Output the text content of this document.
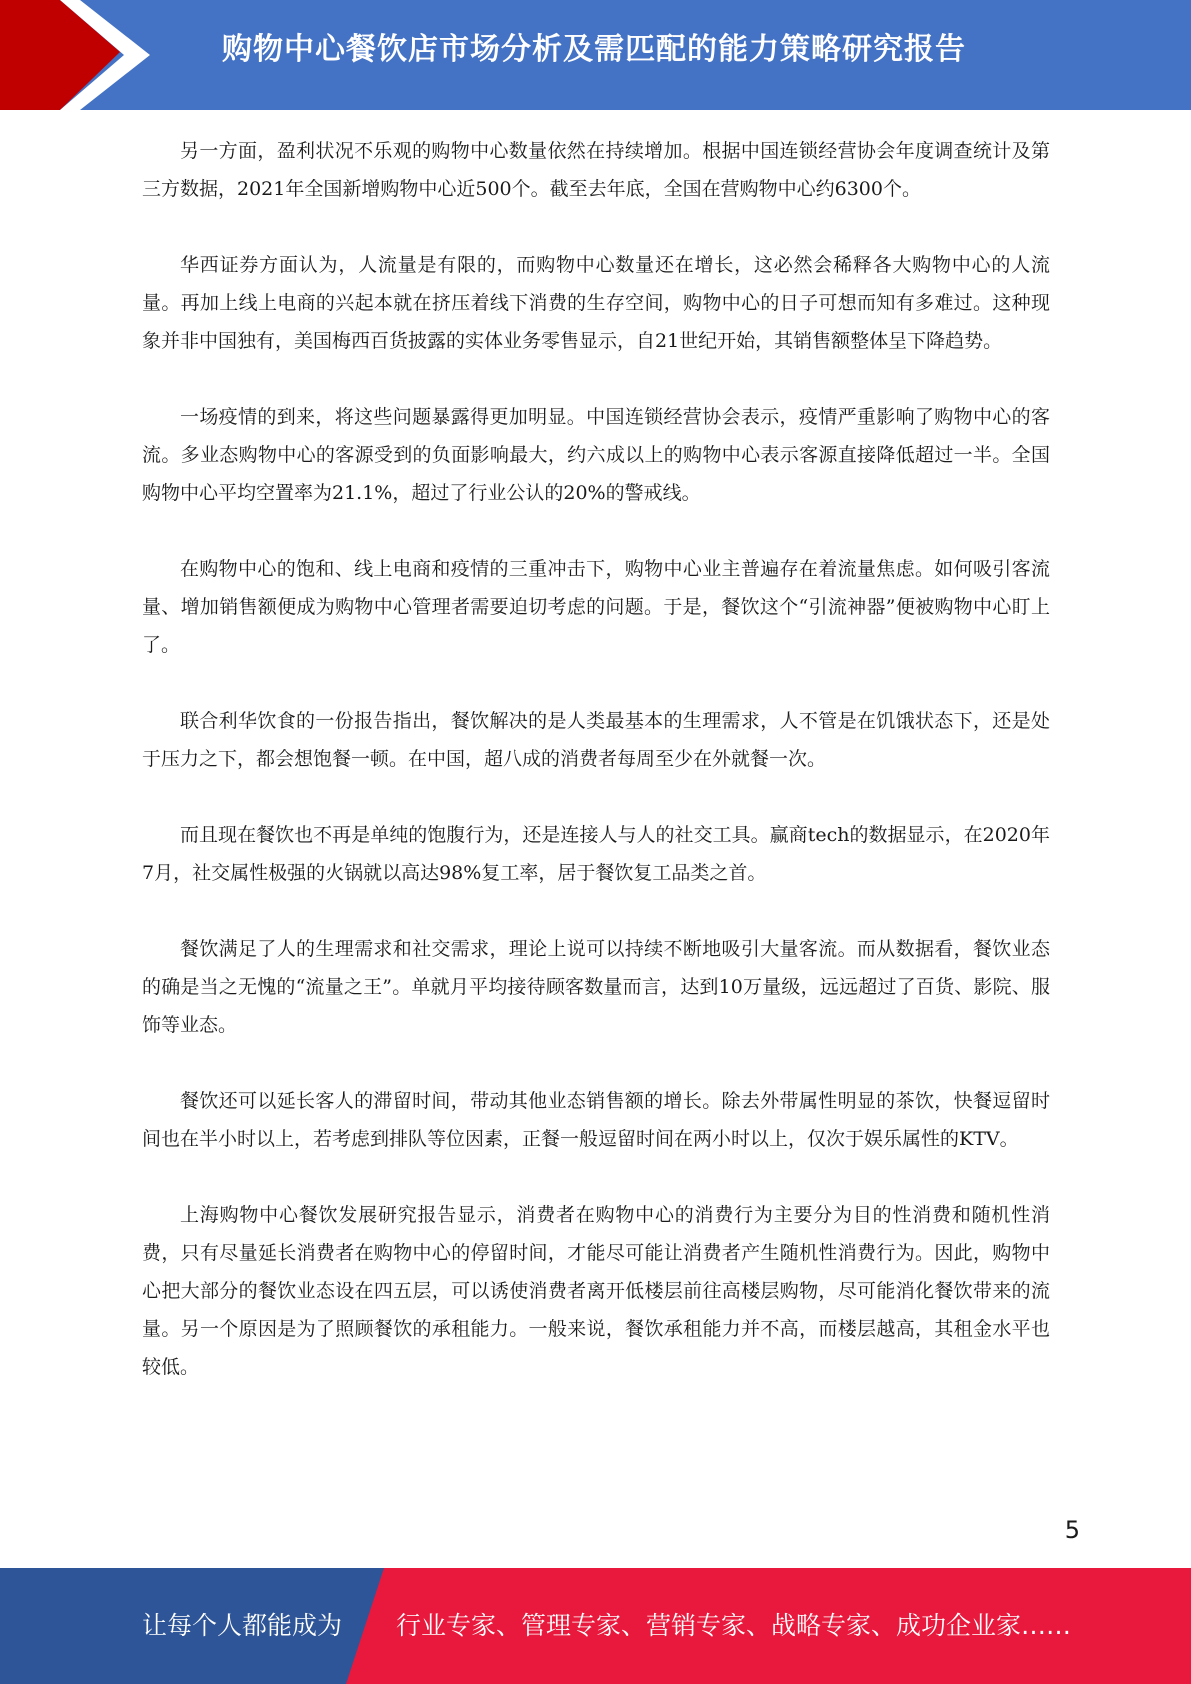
购物中心餐饮店市场分析及需匹配的能力策略研究报告

另一方面，盈利状况不乐观的购物中心数量依然在持续增加。根据中国连锁经营协会年度调查统计及第三方数据，2021年全国新增购物中心近500个。截至去年底，全国在营购物中心约6300个。

华西证券方面认为，人流量是有限的，而购物中心数量还在增长，这必然会稀释各大购物中心的人流量。再加上线上电商的兴起本就在挤压着线下消费的生存空间，购物中心的日子可想而知有多难过。这种现象并非中国独有，美国梅西百货披露的实体业务零售显示，自21世纪开始，其销售额整体呈下降趋势。

一场疫情的到来，将这些问题暴露得更加明显。中国连锁经营协会表示，疫情严重影响了购物中心的客流。多业态购物中心的客源受到的负面影响最大，约六成以上的购物中心表示客源直接降低超过一半。全国购物中心平均空置率为21.1%，超过了行业公认的20%的警戒线。

在购物中心的饱和、线上电商和疫情的三重冲击下，购物中心业主普遍存在着流量焦虑。如何吸引客流量、增加销售额便成为购物中心管理者需要迫切考虑的问题。于是，餐饮这个“引流神器”便被购物中心盯上了。

联合利华饮食的一份报告指出，餐饮解决的是人类最基本的生理需求，人不管是在饥饿状态下，还是处于压力之下，都会想饱餐一顿。在中国，超八成的消费者每周至少在外就餐一次。

而且现在餐饮也不再是单纯的饱腹行为，还是连接人与人的社交工具。赢商tech的数据显示，在2020年7月，社交属性极强的火锅就以高达98%复工率，居于餐饮复工品类之首。

餐饮满足了人的生理需求和社交需求，理论上说可以持续不断地吸引大量客流。而从数据看，餐饮业态的确是当之无愧的“流量之王”。单就月平均接待顾客数量而言，达到10万量级，远远超过了百货、影院、服饰等业态。

餐饮还可以延长客人的滞留时间，带动其他业态销售额的增长。除去外带属性明显的茶饮，快餐逗留时间也在半小时以上，若考虑到排队等位因素，正餐一般逗留时间在两小时以上，仅次于娱乐属性的KTV。

上海购物中心餐饮发展研究报告显示，消费者在购物中心的消费行为主要分为目的性消费和随机性消费，只有尽量延长消费者在购物中心的停留时间，才能尽可能让消费者产生随机性消费行为。因此，购物中心把大部分的餐饮业态设在四五层，可以诱使消费者离开低楼层前往高楼层购物，尽可能消化餐饮带来的流量。另一个原因是为了照顾餐饮的承租能力。一般来说，餐饮承租能力并不高，而楼层越高，其租金水平也较低。

5
让每个人都能成为 行业专家、管理专家、营销专家、战略专家、成功企业家……
